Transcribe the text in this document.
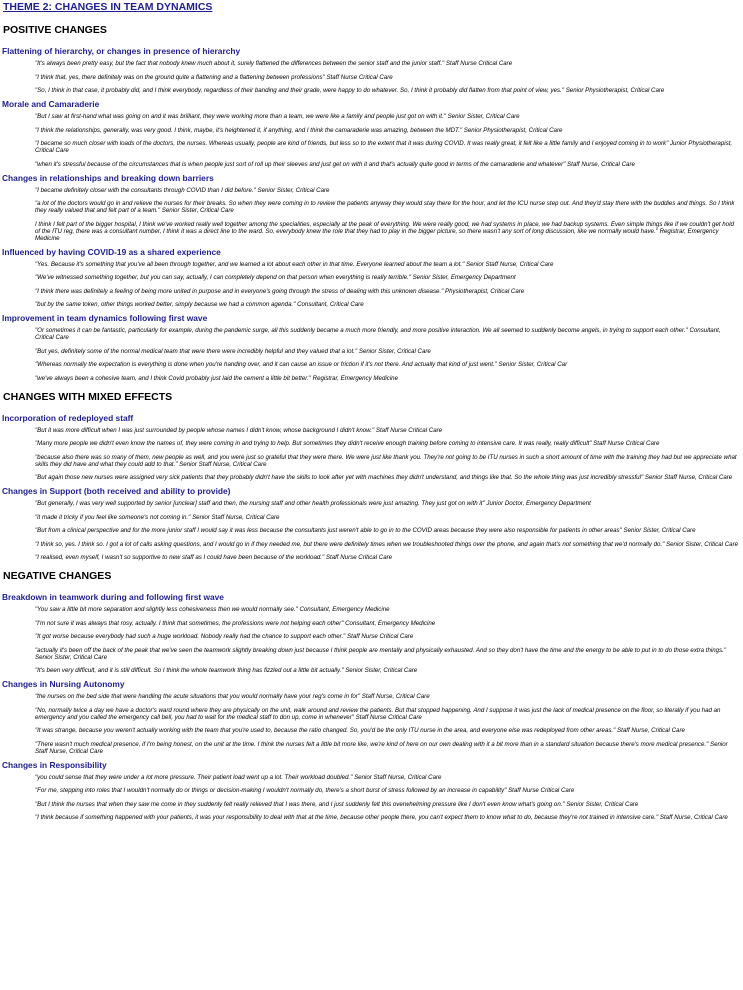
THEME 2: CHANGES IN TEAM DYNAMICS
POSITIVE CHANGES
Flattening of hierarchy, or changes in presence of hierarchy
"It's always been pretty easy, but the fact that nobody knew much about it, surely flattened the differences between the senior staff and the junior staff." Staff Nurse Critical Care
"I think that, yes, there definitely was on the ground quite a flattening and a flattening between professions" Staff Nurse Critical Care
"So, I think in that case, it probably did, and I think everybody, regardless of their banding and their grade, were happy to do whatever. So, I think it probably did flatten from that point of view, yes." Senior Physiotherapist, Critical Care
Morale and Camaraderie
"But I saw at first-hand what was going on and it was brilliant, they were working more than a team, we were like a family and people just got on with it." Senior Sister, Critical Care
"I think the relationships, generally, was very good. I think, maybe, it's heightened it, if anything, and I think the camaraderie was amazing, between the MDT." Senior Physiotherapist, Critical Care
"I became so much closer with loads of the doctors, the nurses. Whereas usually, people are kind of friends, but less so to the extent that it was during COVID. It was really great, it felt like a little family and I enjoyed coming in to work" Junior Physiotherapist, Critical Care
"when it's stressful because of the circumstances that is when people just sort of roll up their sleeves and just get on with it and that's actually quite good in terms of the camaraderie and whatever" Staff Nurse, Critical Care
Changes in relationships and breaking down barriers
"I became definitely closer with the consultants through COVID than I did before." Senior Sister, Critical Care
"a lot of the doctors would go in and relieve the nurses for their breaks. So when they were coming in to review the patients anyway they would stay there for the hour, and let the ICU nurse step out. And they'd stay there with the buddies and things. So I think they really valued that and felt part of a team." Senior Sister, Critical Care
I think I felt part of the bigger hospital, I think we've worked really well together among the specialities, especially at the peak of everything. We were really good, we had systems in place, we had backup systems. Even simple things like if we couldn't get hold of the ITU reg, there was a consultant number, I think it was a direct line to the ward. So, everybody knew the role that they had to play in the bigger picture, so there wasn't any sort of long discussion, like we normally would have." Registrar, Emergency Medicine
Influenced by having COVID-19 as a shared experience
"Yes. Because it's something that you've all been through together, and we learned a lot about each other in that time. Everyone learned about the team a lot." Senior Staff Nurse, Critical Care
"We've witnessed something together, but you can say, actually, I can completely depend on that person when everything is really terrible." Senior Sister, Emergency Department
"I think there was definitely a feeling of being more united in purpose and in everyone's going through the stress of dealing with this unknown disease." Physiotherapist, Critical Care
"but by the same token, other things worked better, simply because we had a common agenda." Consultant, Critical Care
Improvement in team dynamics following first wave
"Or sometimes it can be fantastic, particularly for example, during the pandemic surge, all this suddenly became a much more friendly, and more positive interaction. We all seemed to suddenly become angels, in trying to support each other." Consultant, Critical Care
"But yes, definitely some of the normal medical team that were there were incredibly helpful and they valued that a lot." Senior Sister, Critical Care
"Whereas normally the expectation is everything is done when you're handing over, and it can cause an issue or friction if it's not there. And actually that kind of just went." Senior Sister, Critical Car
"we've always been a cohesive team, and I think Covid probably just laid the cement a little bit better." Registrar, Emergency Medicine
CHANGES WITH MIXED EFFECTS
Incorporation of redeployed staff
"But it was more difficult when I was just surrounded by people whose names I didn't know, whose background I didn't know." Staff Nurse Critical Care
"Many more people we didn't even know the names of, they were coming in and trying to help. But sometimes they didn't receive enough training before coming to intensive care. It was really, really difficult" Staff Nurse Critical Care
"because also there was so many of them, new people as well, and you were just so grateful that they were there. We were just like thank you. They're not going to be ITU nurses in such a short amount of time with the training they had but we appreciate what skills they did have and what they could add to that." Senior Staff Nurse, Critical Care
"But again those new nurses were assigned very sick patients that they probably didn't have the skills to look after yet with machines they didn't understand, and things like that. So the whole thing was just incredibly stressful" Senior Staff Nurse, Critical Care
Changes in Support (both received and ability to provide)
"But generally, I was very well supported by senior [unclear] staff and then, the nursing staff and other health professionals were just amazing. They just got on with it" Junior Doctor, Emergency Department
"it made it tricky if you feel like someone's not coming in." Senior Staff Nurse, Critical Care
"But from a clinical perspective and for the more junior staff I would say it was less because the consultants just weren't able to go in to the COVID areas because they were also responsible for patients in other areas" Senior Sister, Critical Care
"I think so, yes. I think so. I got a lot of calls asking questions, and I would go in if they needed me, but there were definitely times when we troubleshooted things over the phone, and again that's not something that we'd normally do." Senior Sister, Critical Care
"I realised, even myself, I wasn't so supportive to new staff as I could have been because of the workload." Staff Nurse Critical Care
NEGATIVE CHANGES
Breakdown in teamwork during and following first wave
"You saw a little bit more separation and slightly less cohesiveness then we would normally see." Consultant, Emergency Medicine
"I'm not sure it was always that rosy, actually. I think that sometimes, the professions were not helping each other" Consultant, Emergency Medicine
"It got worse because everybody had such a huge workload. Nobody really had the chance to support each other." Staff Nurse Critical Care
"actually it's been off the back of the peak that we've seen the teamwork slightly breaking down just because I think people are mentally and physically exhausted. And so they don't have the time and the energy to be able to put in to do those extra things." Senior Sister, Critical Care
"It's been very difficult, and it is still difficult. So I think the whole teamwork thing has fizzled out a little bit actually." Senior Sister, Critical Care
Changes in Nursing Autonomy
"the nurses on the bed side that were handling the acute situations that you would normally have your reg's come in for" Staff Nurse, Critical Care
"No, normally twice a day we have a doctor's ward round where they are physically on the unit, walk around and review the patients. But that stopped happening. And I suppose it was just the lack of medical presence on the floor, so literally if you had an emergency and you called the emergency call bell, you had to wait for the medical staff to don up, come in whenever" Staff Nurse Critical Care
"It was strange, because you weren't actually working with the team that you're used to, because the ratio changed. So, you'd be the only ITU nurse in the area, and everyone else was redeployed from other areas." Staff Nurse, Critical Care
"There wasn't much medical presence, if I'm being honest, on the unit at the time. I think the nurses felt a little bit more like, we're kind of here on our own dealing with it a bit more than in a standard situation because there's more medical presence." Senior Staff Nurse, Critical Care
Changes in Responsibility
"you could sense that they were under a lot more pressure. Their patient load went up a lot. Their workload doubled." Senior Staff Nurse, Critical Care
"For me, stepping into roles that I wouldn't normally do or things or decision-making I wouldn't normally do, there's a short burst of stress followed by an increase in capability" Staff Nurse Critical Care
"But I think the nurses that when they saw me come in they suddenly felt really relieved that I was there, and I just suddenly felt this overwhelming pressure like I don't even know what's going on." Senior Sister, Critical Care
"I think because if something happened with your patients, it was your responsibility to deal with that at the time, because other people there, you can't expect them to know what to do, because they're not trained in intensive care." Staff Nurse, Critical Care
